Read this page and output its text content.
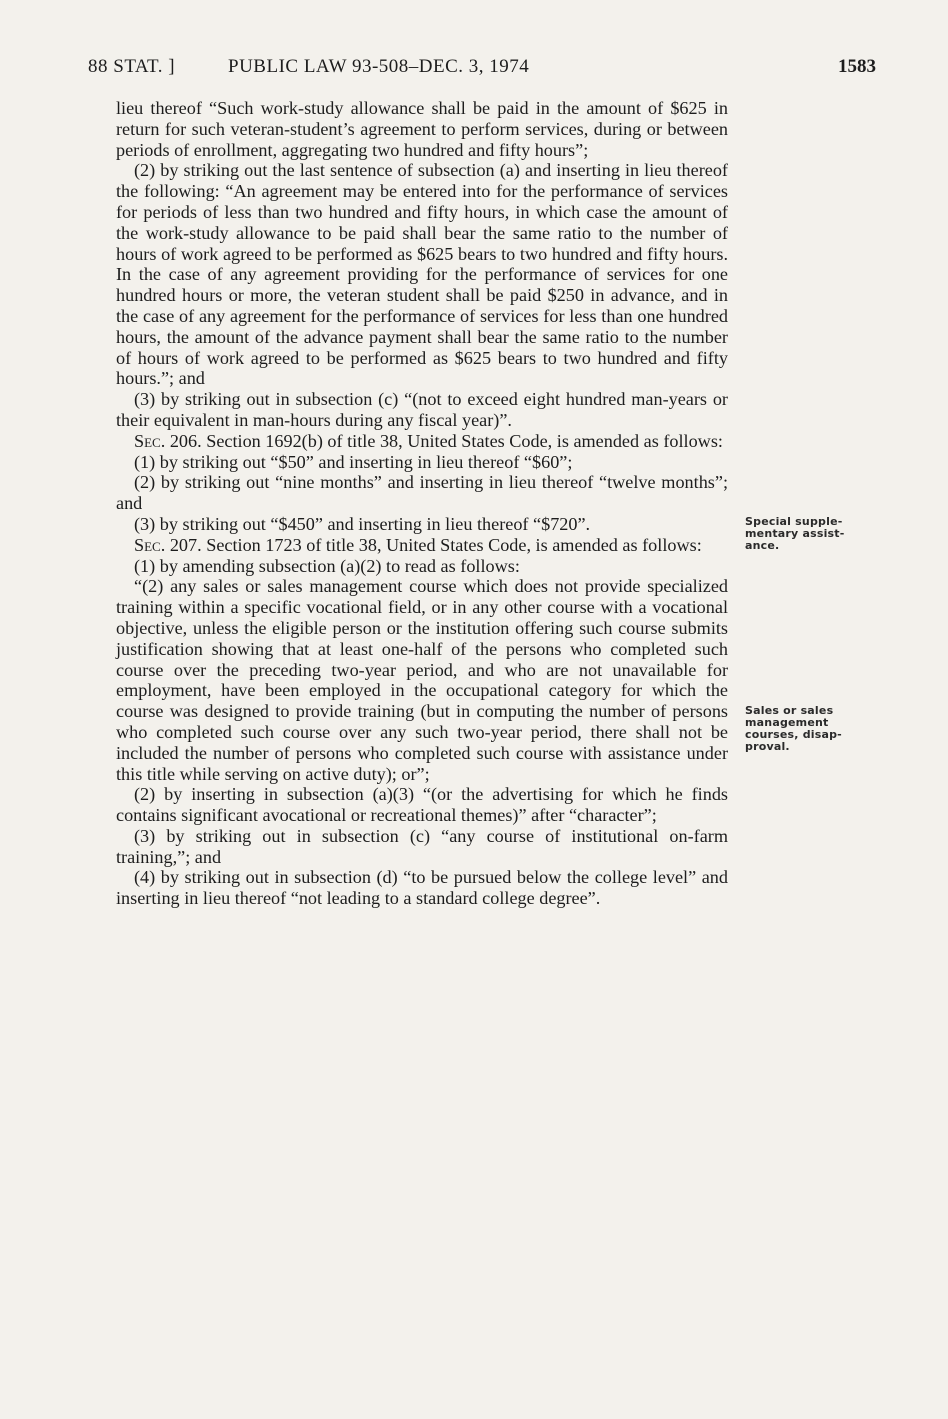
88 STAT. ]	PUBLIC LAW 93-508–DEC. 3, 1974	1583

lieu thereof “Such work-study allowance shall be paid in the amount of $625 in return for such veteran-student’s agreement to perform services, during or between periods of enrollment, aggregating two hundred and fifty hours”;

(2) by striking out the last sentence of subsection (a) and inserting in lieu thereof the following: “An agreement may be entered into for the performance of services for periods of less than two hundred and fifty hours, in which case the amount of the work-study allowance to be paid shall bear the same ratio to the number of hours of work agreed to be performed as $625 bears to two hundred and fifty hours. In the case of any agreement providing for the performance of services for one hundred hours or more, the veteran student shall be paid $250 in advance, and in the case of any agreement for the performance of services for less than one hundred hours, the amount of the advance payment shall bear the same ratio to the number of hours of work agreed to be performed as $625 bears to two hundred and fifty hours.”; and

(3) by striking out in subsection (c) “(not to exceed eight hundred man-years or their equivalent in man-hours during any fiscal year)”.

Sec. 206. Section 1692(b) of title 38, United States Code, is amended as follows:

(1) by striking out “$50” and inserting in lieu thereof “$60”;

(2) by striking out “nine months” and inserting in lieu thereof “twelve months”; and

(3) by striking out “$450” and inserting in lieu thereof “$720”.

Sec. 207. Section 1723 of title 38, United States Code, is amended as follows:

(1) by amending subsection (a)(2) to read as follows:

“(2) any sales or sales management course which does not provide specialized training within a specific vocational field, or in any other course with a vocational objective, unless the eligible person or the institution offering such course submits justification showing that at least one-half of the persons who completed such course over the preceding two-year period, and who are not unavailable for employment, have been employed in the occupational category for which the course was designed to provide training (but in computing the number of persons who completed such course over any such two-year period, there shall not be included the number of persons who completed such course with assistance under this title while serving on active duty); or”;

(2) by inserting in subsection (a)(3) “(or the advertising for which he finds contains significant avocational or recreational themes)” after “character”;

(3) by striking out in subsection (c) “any course of institutional on-farm training,”; and

(4) by striking out in subsection (d) “to be pursued below the college level” and inserting in lieu thereof “not leading to a standard college degree”.

Special supple-
mentary assist-
ance.
Sales or sales
management
courses, disap-
proval.
